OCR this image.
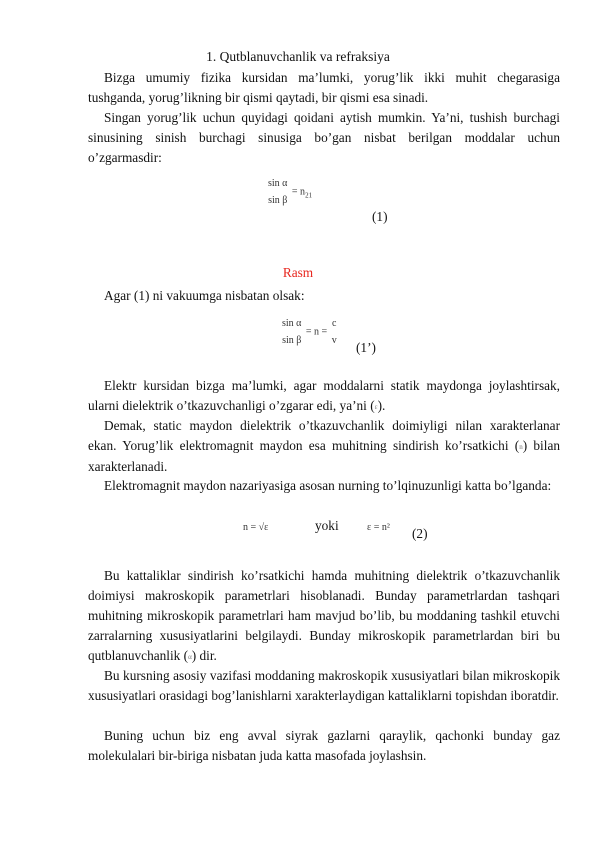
1. Qutblanuvchanlik va refraksiya

Bizga umumiy fizika kursidan ma’lumki, yorug’lik ikki muhit chegarasiga tushganda, yorug’likning bir qismi qaytadi, bir qismi esa sinadi.

Singan yorug’lik uchun quyidagi qoidani aytish mumkin. Ya’ni, tushish burchagi sinusining sinish burchagi sinusiga bo’gan nisbat berilgan moddalar uchun o’zgarmasdir:

sin α
sin β
= $n_{21}$
(1)
Rasm

Agar (1) ni vakuumga nisbatan olsak:

sin α
sin β
= n =
c
v (1’)

Elektr kursidan bizga ma’lumki, agar moddalarni statik maydonga joylashtirsak, ularni dielektrik o’tkazuvchanligi o’zgarar edi, ya’ni (ε).

Demak, static maydon dielektrik o’tkazuvchanlik doimiyligi nilan xarakterlanar ekan. Yorug’lik elektromagnit maydon esa muhitning sindirish ko’rsatkichi (n) bilan xarakterlanadi.

Elektromagnit maydon nazariyasiga asosan nurning to’lqinuzunligi katta bo’lganda:

n = √ε	yoki	ε = n² (2)

Bu kattaliklar sindirish ko’rsatkichi hamda muhitning dielektrik o’tkazuvchanlik doimiysi makroskopik parametrlari hisoblanadi. Bunday parametrlardan tashqari muhitning mikroskopik parametrlari ham mavjud bo’lib, bu moddaning tashkil etuvchi zarralarning xususiyatlarini belgilaydi. Bunday mikroskopik parametrlardan biri bu qutblanuvchanlik (α) dir.

Bu kursning asosiy vazifasi moddaning makroskopik xususiyatlari bilan mikroskopik xususiyatlari orasidagi bog’lanishlarni xarakterlaydigan kattaliklarni topishdan iboratdir.

Buning uchun biz eng avval siyrak gazlarni qaraylik, qachonki bunday gaz molekulalari bir-biriga nisbatan juda katta masofada joylashsin.
